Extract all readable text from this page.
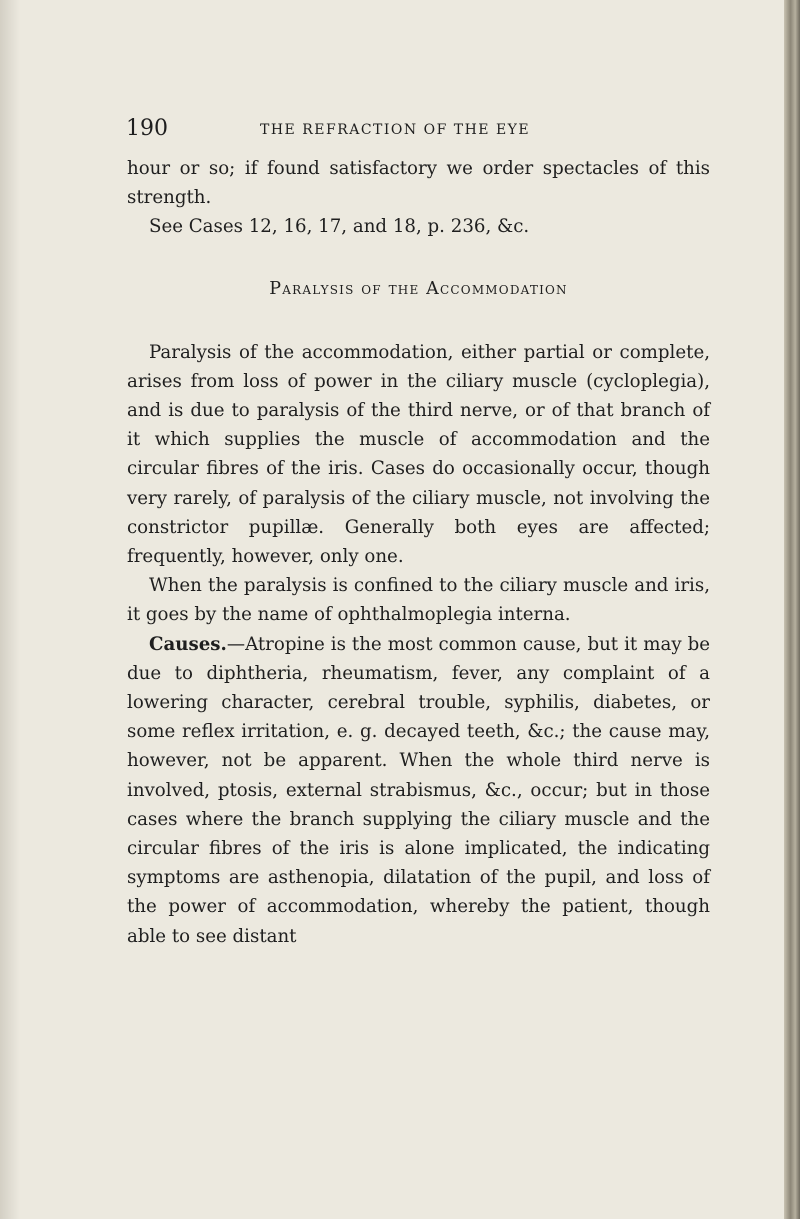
190	THE REFRACTION OF THE EYE

hour or so; if found satisfactory we order spectacles of this strength.

See Cases 12, 16, 17, and 18, p. 236, &c.

Paralysis of the Accommodation

Paralysis of the accommodation, either partial or complete, arises from loss of power in the ciliary muscle (cycloplegia), and is due to paralysis of the third nerve, or of that branch of it which supplies the muscle of accommodation and the circular fibres of the iris. Cases do occasionally occur, though very rarely, of paralysis of the ciliary muscle, not involving the constrictor pupillæ. Generally both eyes are affected; frequently, however, only one.

When the paralysis is confined to the ciliary muscle and iris, it goes by the name of ophthalmoplegia interna.

Causes.—Atropine is the most common cause, but it may be due to diphtheria, rheumatism, fever, any complaint of a lowering character, cerebral trouble, syphilis, diabetes, or some reflex irritation, e. g. decayed teeth, &c.; the cause may, however, not be apparent. When the whole third nerve is involved, ptosis, external strabismus, &c., occur; but in those cases where the branch supplying the ciliary muscle and the circular fibres of the iris is alone implicated, the indicating symptoms are asthenopia, dilatation of the pupil, and loss of the power of accommodation, whereby the patient, though able to see distant
